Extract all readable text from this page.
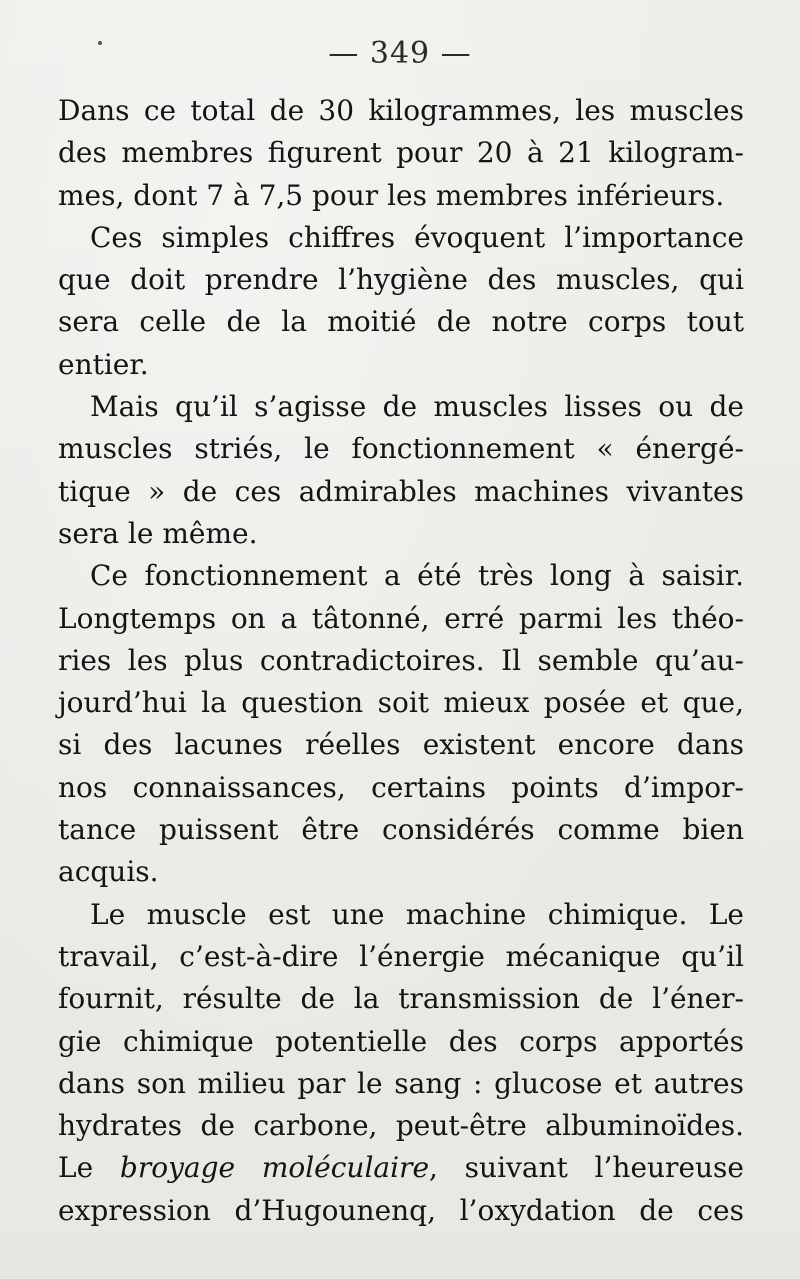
— 349 —

Dans ce total de 30 kilogrammes, les muscles
des membres figurent pour 20 à 21 kilogram-
mes, dont 7 à 7,5 pour les membres inférieurs.

Ces simples chiffres évoquent l’importance
que doit prendre l’hygiène des muscles, qui
sera celle de la moitié de notre corps tout
entier.

Mais qu’il s’agisse de muscles lisses ou de
muscles striés, le fonctionnement « énergé-
tique » de ces admirables machines vivantes
sera le même.

Ce fonctionnement a été très long à saisir.
Longtemps on a tâtonné, erré parmi les théo-
ries les plus contradictoires. Il semble qu’au-
jourd’hui la question soit mieux posée et que,
si des lacunes réelles existent encore dans
nos connaissances, certains points d’impor-
tance puissent être considérés comme bien
acquis.

Le muscle est une machine chimique. Le
travail, c’est-à-dire l’énergie mécanique qu’il
fournit, résulte de la transmission de l’éner-
gie chimique potentielle des corps apportés
dans son milieu par le sang : glucose et autres
hydrates de carbone, peut-être albuminoïdes.
Le broyage moléculaire, suivant l’heureuse
expression d’Hugounenq, l’oxydation de ces
